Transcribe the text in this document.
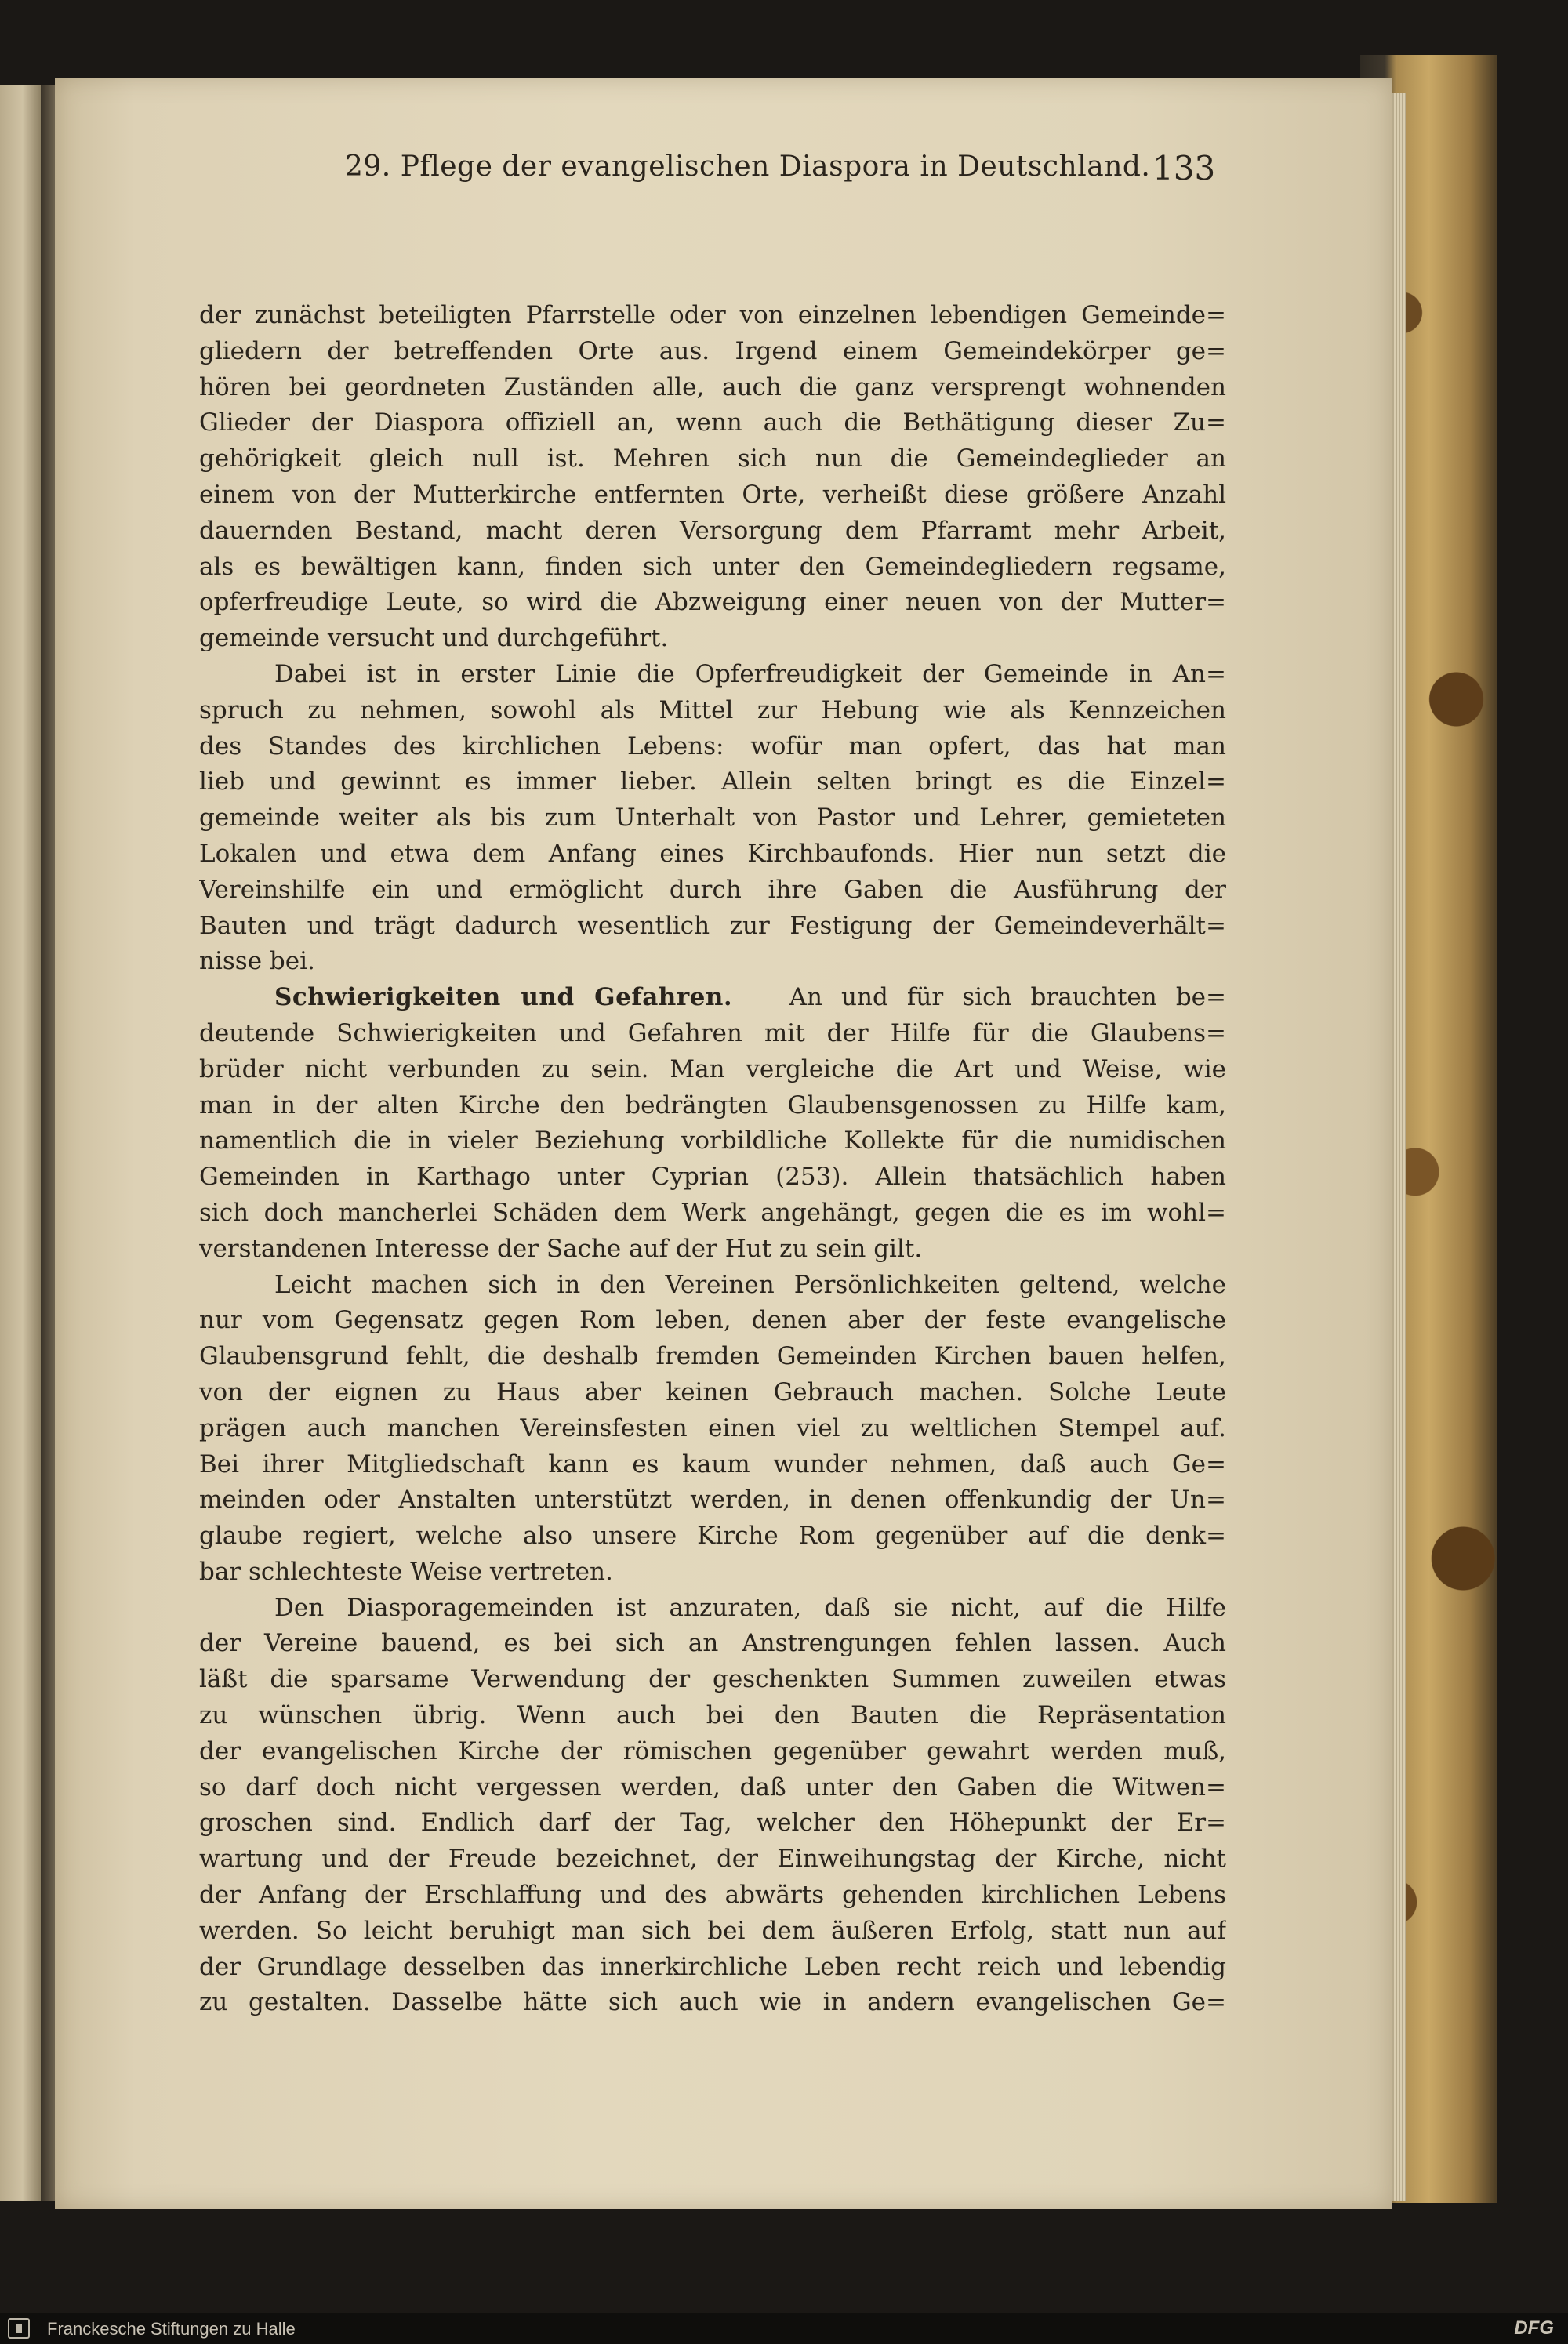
29. Pflege der evangelischen Diaspora in Deutschland. 133
der zunächst beteiligten Pfarrstelle oder von einzelnen lebendigen Gemeinde=
gliedern der betreffenden Orte aus. Irgend einem Gemeindekörper ge=
hören bei geordneten Zuständen alle, auch die ganz versprengt wohnenden
Glieder der Diaspora offiziell an, wenn auch die Bethätigung dieser Zu=
gehörigkeit gleich null ist. Mehren sich nun die Gemeindeglieder an
einem von der Mutterkirche entfernten Orte, verheißt diese größere Anzahl
dauernden Bestand, macht deren Versorgung dem Pfarramt mehr Arbeit,
als es bewältigen kann, finden sich unter den Gemeindegliedern regsame,
opferfreudige Leute, so wird die Abzweigung einer neuen von der Mutter=
gemeinde versucht und durchgeführt.
Dabei ist in erster Linie die Opferfreudigkeit der Gemeinde in An=
spruch zu nehmen, sowohl als Mittel zur Hebung wie als Kennzeichen
des Standes des kirchlichen Lebens: wofür man opfert, das hat man
lieb und gewinnt es immer lieber. Allein selten bringt es die Einzel=
gemeinde weiter als bis zum Unterhalt von Pastor und Lehrer, gemieteten
Lokalen und etwa dem Anfang eines Kirchbaufonds. Hier nun setzt die
Vereinshilfe ein und ermöglicht durch ihre Gaben die Ausführung der
Bauten und trägt dadurch wesentlich zur Festigung der Gemeindeverhält=
nisse bei.
Schwierigkeiten und Gefahren. An und für sich brauchten be=
deutende Schwierigkeiten und Gefahren mit der Hilfe für die Glaubens=
brüder nicht verbunden zu sein. Man vergleiche die Art und Weise, wie
man in der alten Kirche den bedrängten Glaubensgenossen zu Hilfe kam,
namentlich die in vieler Beziehung vorbildliche Kollekte für die numidischen
Gemeinden in Karthago unter Cyprian (253). Allein thatsächlich haben
sich doch mancherlei Schäden dem Werk angehängt, gegen die es im wohl=
verstandenen Interesse der Sache auf der Hut zu sein gilt.
Leicht machen sich in den Vereinen Persönlichkeiten geltend, welche
nur vom Gegensatz gegen Rom leben, denen aber der feste evangelische
Glaubensgrund fehlt, die deshalb fremden Gemeinden Kirchen bauen helfen,
von der eignen zu Haus aber keinen Gebrauch machen. Solche Leute
prägen auch manchen Vereinsfesten einen viel zu weltlichen Stempel auf.
Bei ihrer Mitgliedschaft kann es kaum wunder nehmen, daß auch Ge=
meinden oder Anstalten unterstützt werden, in denen offenkundig der Un=
glaube regiert, welche also unsere Kirche Rom gegenüber auf die denk=
bar schlechteste Weise vertreten.
Den Diasporagemeinden ist anzuraten, daß sie nicht, auf die Hilfe
der Vereine bauend, es bei sich an Anstrengungen fehlen lassen. Auch
läßt die sparsame Verwendung der geschenkten Summen zuweilen etwas
zu wünschen übrig. Wenn auch bei den Bauten die Repräsentation
der evangelischen Kirche der römischen gegenüber gewahrt werden muß,
so darf doch nicht vergessen werden, daß unter den Gaben die Witwen=
groschen sind. Endlich darf der Tag, welcher den Höhepunkt der Er=
wartung und der Freude bezeichnet, der Einweihungstag der Kirche, nicht
der Anfang der Erschlaffung und des abwärts gehenden kirchlichen Lebens
werden. So leicht beruhigt man sich bei dem äußeren Erfolg, statt nun auf
der Grundlage desselben das innerkirchliche Leben recht reich und lebendig
zu gestalten. Dasselbe hätte sich auch wie in andern evangelischen Ge=
Franckesche Stiftungen zu Halle	DFG
